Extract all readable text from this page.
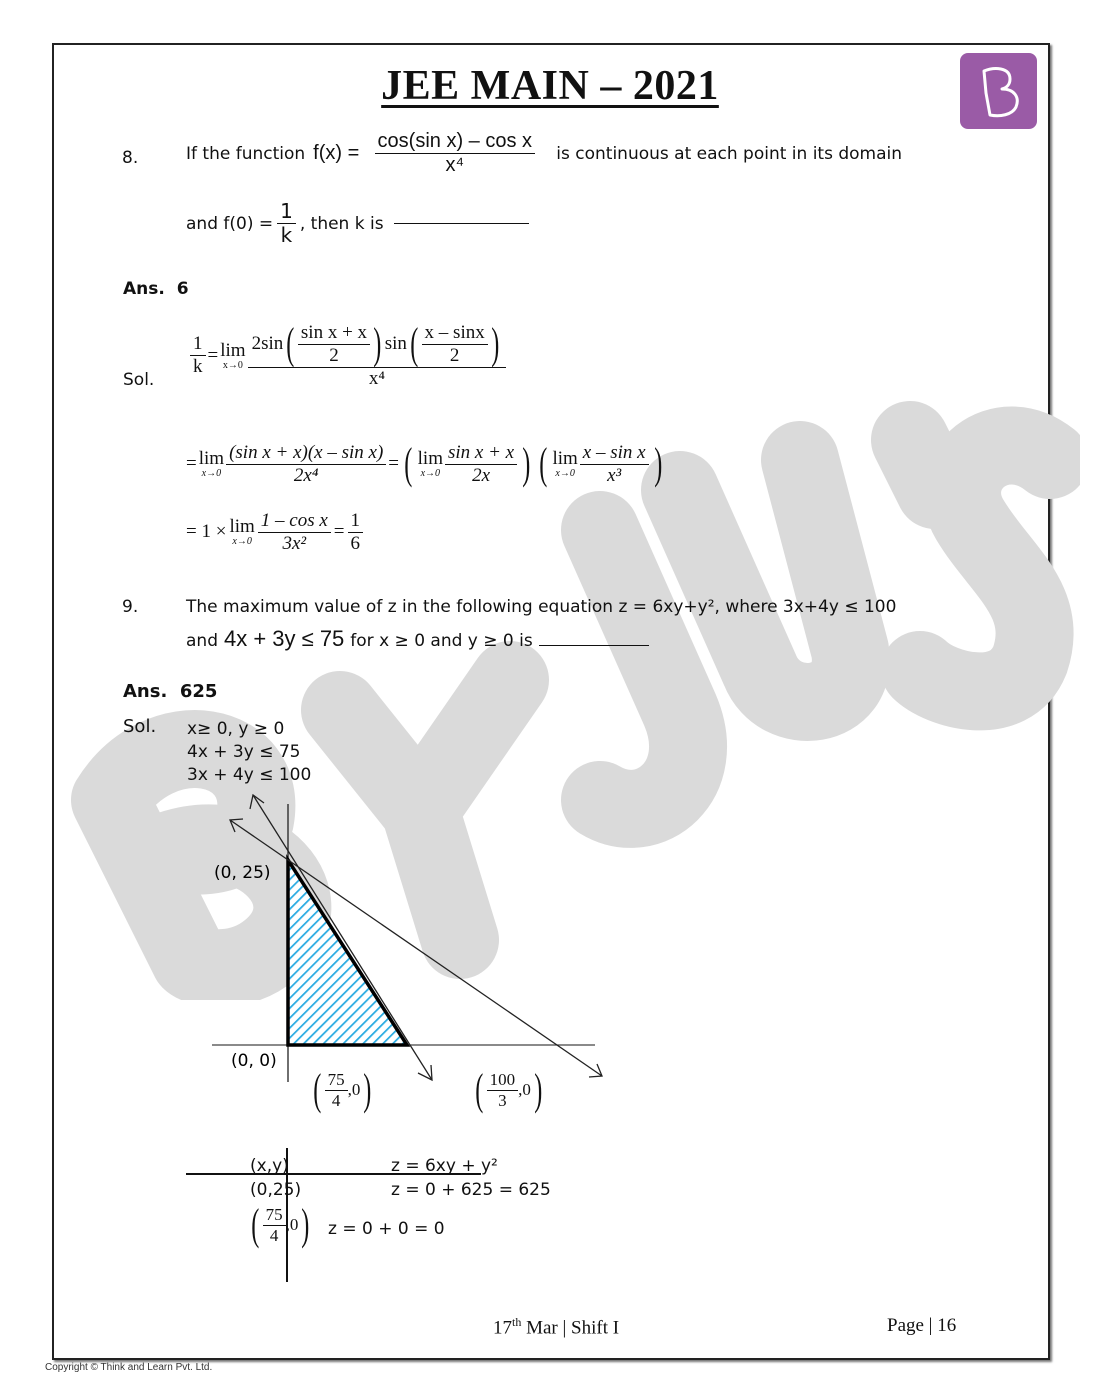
JEE MAIN – 2021
8.	If the function $f(x) = \frac{\text{cos(sin x) – cos x}}{\text{x⁴}}$ is continuous at each point in its domain
and $f(0) = \frac{1}{k}$ , then k is
Ans. 6
Sol.
$\frac{1}{k} = \lim$
x→0
2sin ( $\frac{\text{sin x + x}}{2}$ ) sin ( $\frac{x - \sin x}{2}$ )
x⁴
= lim
$x\to 0 \frac{\text{(sin x + x)(x – sin x)}}{\text{2x⁴}}$ = ( lim
$x\to 0 \frac{\text{sin x + x}}{2x}$ ) ( lim
$x\to 0 \frac{\text{x – sin x}}{\text{x³}}$ )
= 1 × lim
$x\to 0 \frac{\text{1 – cos x}}{\text{3x²}} = \frac{1}{6}$
9.	The maximum value of z in the following equation z = 6xy+y², where 3x+4y ≤ 100
and 4x + 3y ≤ 75 for x ≥ 0 and y ≥ 0 is
Ans. 625
Sol. x≥ 0, y ≥ 0
4x + 3y ≤ 75
3x + 4y ≤ 100
(0, 25)
(0, 0)
( $\frac{75}{4} ,0$ ) ( $\frac{100}{3} ,0$ )
(x,y)	z = 6xy + y²
(0,25)	z = 0 + 625 = 625
( $\frac{75}{4} ,0$ ) z = 0 + 0 = 0
17th Mar | Shift I	Page | 16
Copyright © Think and Learn Pvt. Ltd.
